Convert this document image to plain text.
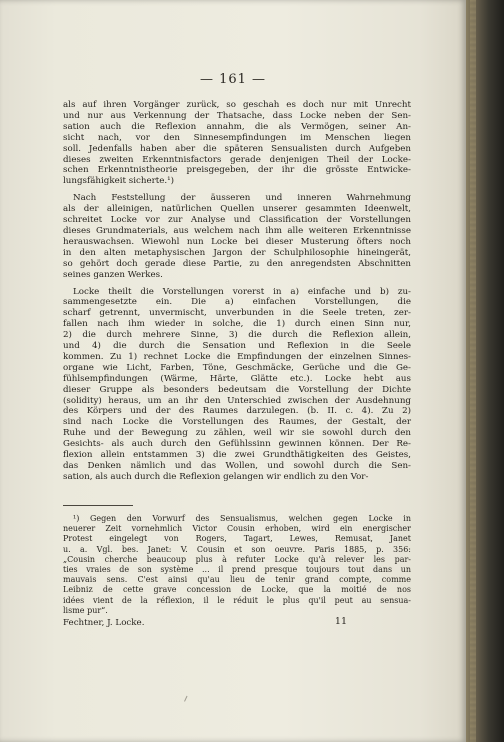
— 161 —
als auf ihren Vorgänger zurück, so geschah es doch nur mit Unrecht
und nur aus Verkennung der Thatsache, dass Locke neben der Sen-
sation auch die Reflexion annahm, die als Vermögen, seiner An-
sicht nach, vor den Sinnesempfindungen im Menschen liegen
soll. Jedenfalls haben aber die späteren Sensualisten durch Aufgeben
dieses zweiten Erkenntnisfactors gerade denjenigen Theil der Locke-
schen Erkenntnistheorie preisgegeben, der ihr die grösste Entwicke-
lungsfähigkeit sicherte.¹)
Nach Feststellung der äusseren und inneren Wahrnehmung
als der alleinigen, natürlichen Quellen unserer gesammten Ideenwelt,
schreitet Locke vor zur Analyse und Classification der Vorstellungen
dieses Grundmaterials, aus welchem nach ihm alle weiteren Erkenntnisse
herauswachsen. Wiewohl nun Locke bei dieser Musterung öfters noch
in den alten metaphysischen Jargon der Schulphilosophie hineingerät,
so gehört doch gerade diese Partie, zu den anregendsten Abschnitten
seines ganzen Werkes.
Locke theilt die Vorstellungen vorerst in a) einfache und b) zu-
sammengesetzte ein. Die a) einfachen Vorstellungen, die
scharf getrennt, unvermischt, unverbunden in die Seele treten, zer-
fallen nach ihm wieder in solche, die 1) durch einen Sinn nur,
2) die durch mehrere Sinne, 3) die durch die Reflexion allein,
und 4) die durch die Sensation und Reflexion in die Seele
kommen. Zu 1) rechnet Locke die Empfindungen der einzelnen Sinnes-
organe wie Licht, Farben, Töne, Geschmäcke, Gerüche und die Ge-
fühlsempfindungen (Wärme, Härte, Glätte etc.). Locke hebt aus
dieser Gruppe als besonders bedeutsam die Vorstellung der Dichte
(solidity) heraus, um an ihr den Unterschied zwischen der Ausdehnung
des Körpers und der des Raumes darzulegen. (b. II. c. 4). Zu 2)
sind nach Locke die Vorstellungen des Raumes, der Gestalt, der
Ruhe und der Bewegung zu zählen, weil wir sie sowohl durch den
Gesichts- als auch durch den Gefühlssinn gewinnen können. Der Re-
flexion allein entstammen 3) die zwei Grundthätigkeiten des Geistes,
das Denken nämlich und das Wollen, und sowohl durch die Sen-
sation, als auch durch die Reflexion gelangen wir endlich zu den Vor-
¹) Gegen den Vorwurf des Sensualismus, welchen gegen Locke in
neuerer Zeit vornehmlich Victor Cousin erhoben, wird ein energischer
Protest eingelegt von Rogers, Tagart, Lewes, Remusat, Janet
u. a. Vgl. bes. Janet: V. Cousin et son oeuvre. Paris 1885, p. 356:
„Cousin cherche beaucoup plus à refuter Locke qu'à relever les par-
ties vraies de son système ... il prend presque toujours tout dans un
mauvais sens. C'est ainsi qu'au lieu de tenir grand compte, comme
Leibniz de cette grave concession de Locke, que la moitié de nos
idées vient de la réflexion, il le réduit le plus qu'il peut au sensua-
lisme pur“.
Fechtner, J. Locke.	11
